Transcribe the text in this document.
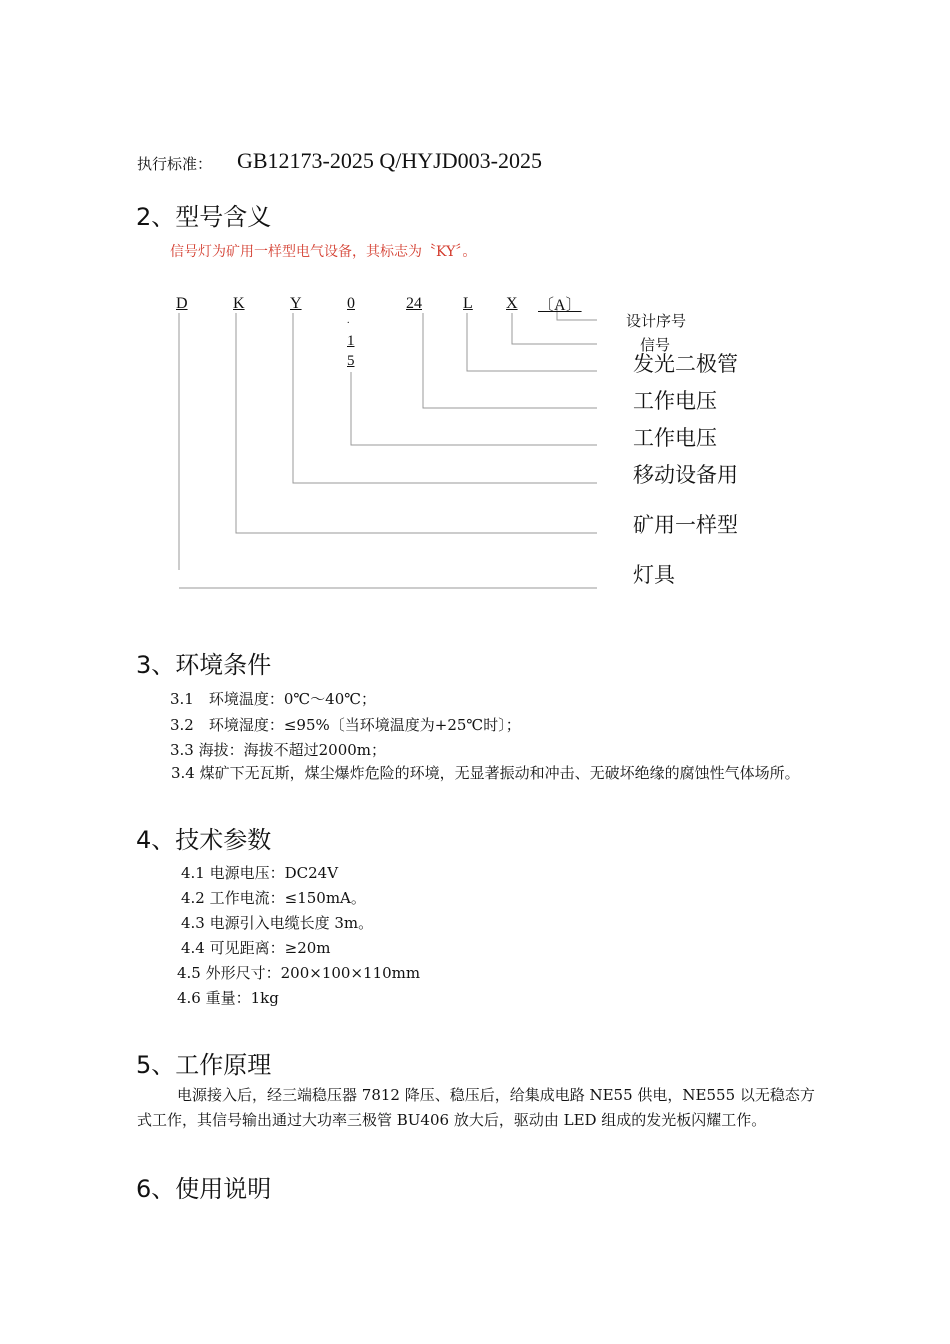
执行标准： GB12173-2025 Q/HYJD003-2025
2、型号含义
信号灯为矿用一样型电气设备，其标志为〝KY〞。
D	K	Y	0	24	L X 〔A〕
.
1
5
设计序号
信号
发光二极管
工作电压
工作电压
移动设备用
矿用一样型
灯具
3、环境条件
3.1　环境温度：0℃～40℃；
3.2　环境湿度：≤95%〔当环境温度为+25℃时〕；
3.3 海拔：海拔不超过2000m；
3.4 煤矿下无瓦斯，煤尘爆炸危险的环境，无显著振动和冲击、无破坏绝缘的腐蚀性气体场所。
4、技术参数
4.1 电源电压：DC24V
4.2 工作电流：≤150mA。
4.3 电源引入电缆长度 3m。
4.4 可见距离：≥20m
4.5 外形尺寸：200×100×110mm
4.6 重量：1kg
5、工作原理
电源接入后，经三端稳压器 7812 降压、稳压后，给集成电路 NE55 供电，NE555 以无稳态方式工作，其信号输出通过大功率三极管 BU406 放大后，驱动由 LED 组成的发光板闪耀工作。
6、使用说明
